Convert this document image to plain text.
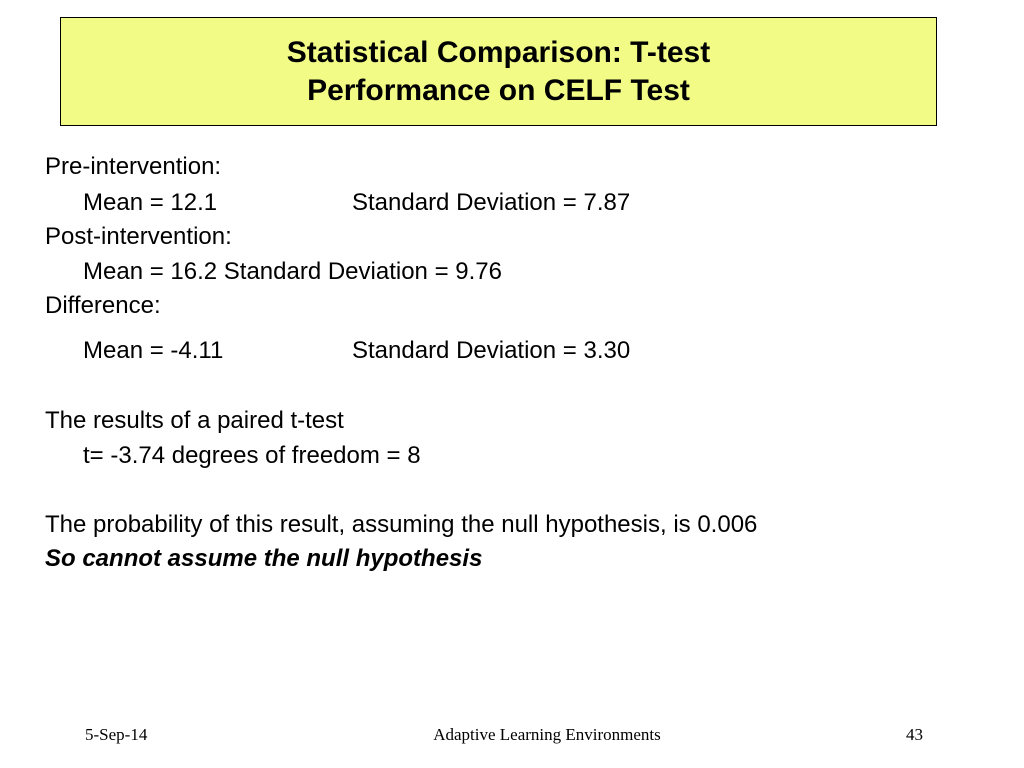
Statistical Comparison: T-test
Performance on CELF Test
Pre-intervention:
Mean = 12.1	Standard Deviation = 7.87
Post-intervention:
Mean = 16.2 Standard Deviation = 9.76
Difference:
Mean = -4.11	Standard Deviation = 3.30
The results of a paired t-test
t= -3.74 degrees of freedom = 8
The probability of this result, assuming the null hypothesis, is 0.006
So cannot assume the null hypothesis
5-Sep-14	Adaptive Learning Environments	43
